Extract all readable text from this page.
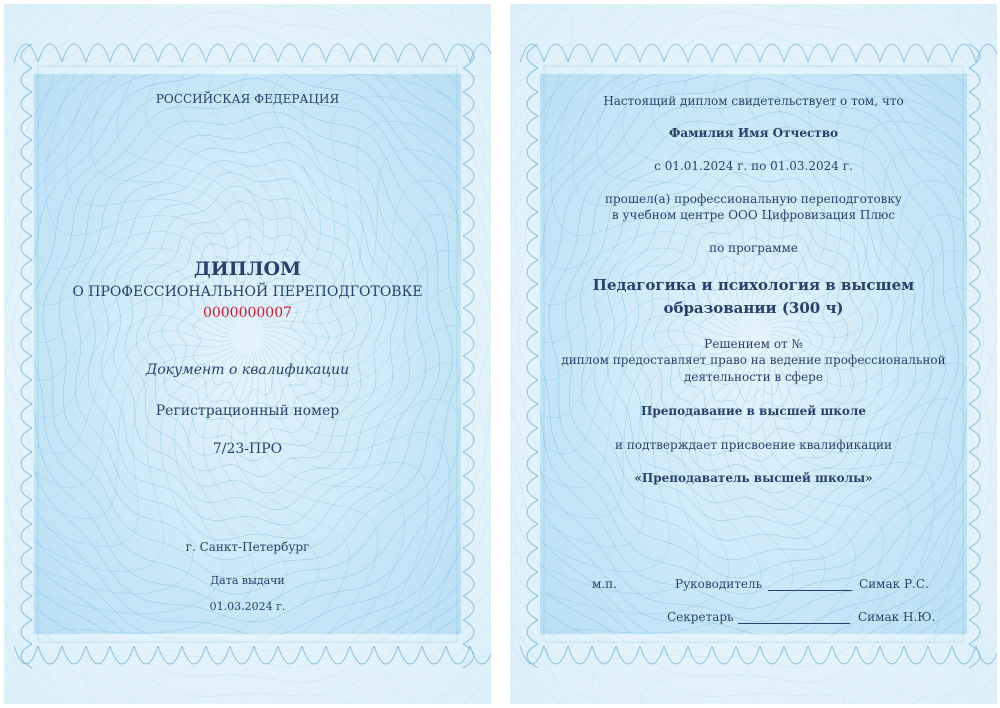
РОССИЙСКАЯ ФЕДЕРАЦИЯ
ДИПЛОМ
О ПРОФЕССИОНАЛЬНОЙ ПЕРЕПОДГОТОВКЕ
0000000007
Документ о квалификации
Регистрационный номер
7/23-ПРО
г. Санкт-Петербург
Дата выдачи
01.03.2024 г.
Настоящий диплом свидетельствует о том, что
Фамилия Имя Отчество
с 01.01.2024 г. по 01.03.2024 г.
прошел(а) профессиональную переподготовку
в учебном центре ООО Цифровизация Плюс
по программе
Педагогика и психология в высшем
образовании (300 ч)
Решением от №
диплом предоставляет право на ведение профессиональной
деятельности в сфере
Преподавание в высшей школе
и подтверждает присвоение квалификации
«Преподаватель высшей школы»
м.п.	Руководитель	Симак Р.С.
Секретарь	Симак Н.Ю.
